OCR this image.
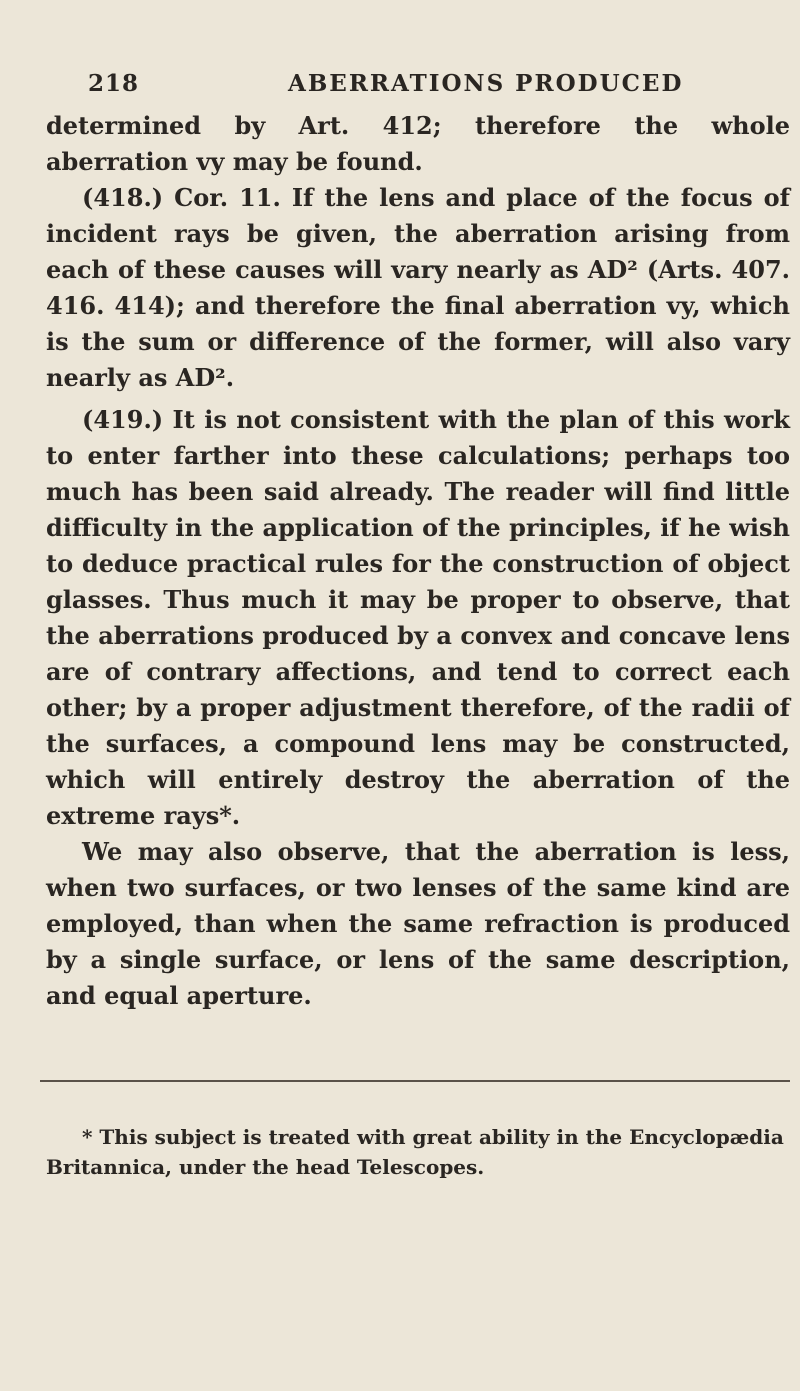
218	ABERRATIONS PRODUCED

determined by Art. 412; therefore the whole aberration vy may be found.

(418.) Cor. 11. If the lens and place of the focus of incident rays be given, the aberration arising from each of these causes will vary nearly as AD² (Arts. 407. 416. 414); and therefore the final aberration vy, which is the sum or difference of the former, will also vary nearly as AD².

(419.) It is not consistent with the plan of this work to enter farther into these calculations; perhaps too much has been said already. The reader will find little difficulty in the application of the principles, if he wish to deduce practical rules for the construction of object glasses. Thus much it may be proper to observe, that the aberrations produced by a convex and concave lens are of contrary affections, and tend to correct each other; by a proper adjustment therefore, of the radii of the surfaces, a compound lens may be constructed, which will entirely destroy the aberration of the extreme rays*.

We may also observe, that the aberration is less, when two surfaces, or two lenses of the same kind are employed, than when the same refraction is produced by a single surface, or lens of the same description, and equal aperture.

* This subject is treated with great ability in the Encyclopædia Britannica, under the head Telescopes.
